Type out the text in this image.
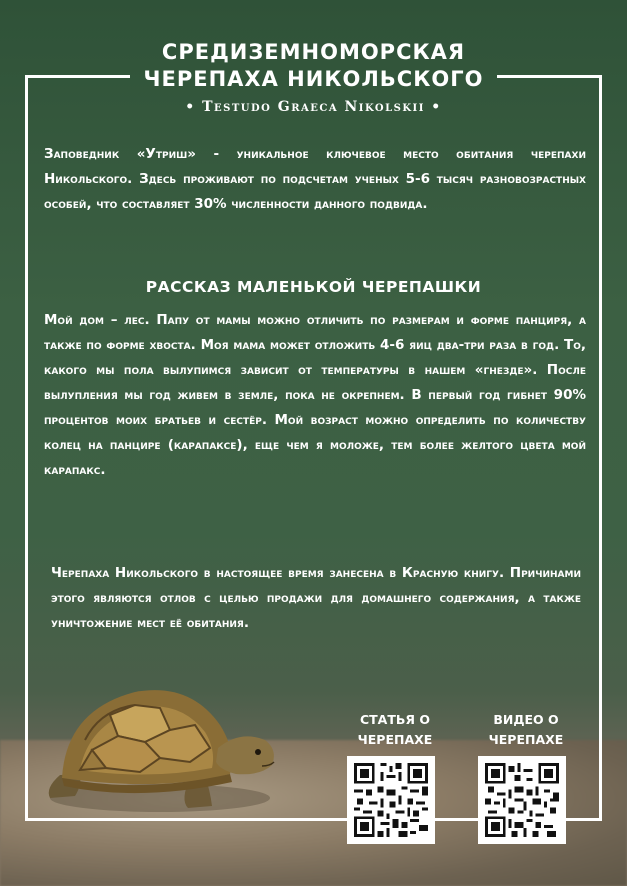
СРЕДИЗЕМНОМОРСКАЯ
ЧЕРЕПАХА НИКОЛЬСКОГО
• Testudo Graeca Nikolskii •
Заповедник «Утриш» - уникальное ключевое место обитания черепахи Никольского. Здесь проживают по подсчетам ученых 5-6 тысяч разновозрастных особей, что составляет 30% численности данного подвида.
РАССКАЗ МАЛЕНЬКОЙ ЧЕРЕПАШКИ
Мой дом – лес. Папу от мамы можно отличить по размерам и форме панциря, а также по форме хвоста. Моя мама может отложить 4-6 яиц два-три раза в год. То, какого мы пола вылупимся зависит от температуры в нашем «гнезде». После вылупления мы год живем в земле, пока не окрепнем. В первый год гибнет 90% процентов моих братьев и сестёр. Мой возраст можно определить по количеству колец на панцире (карапаксе), еще чем я моложе, тем более желтого цвета мой карапакс.
Черепаха Никольского в настоящее время занесена в Красную книгу. Причинами этого являются отлов с целью продажи для домашнего содержания, а также уничтожение мест её обитания.
СТАТЬЯ О
ЧЕРЕПАХЕ
ВИДЕО О
ЧЕРЕПАХЕ
